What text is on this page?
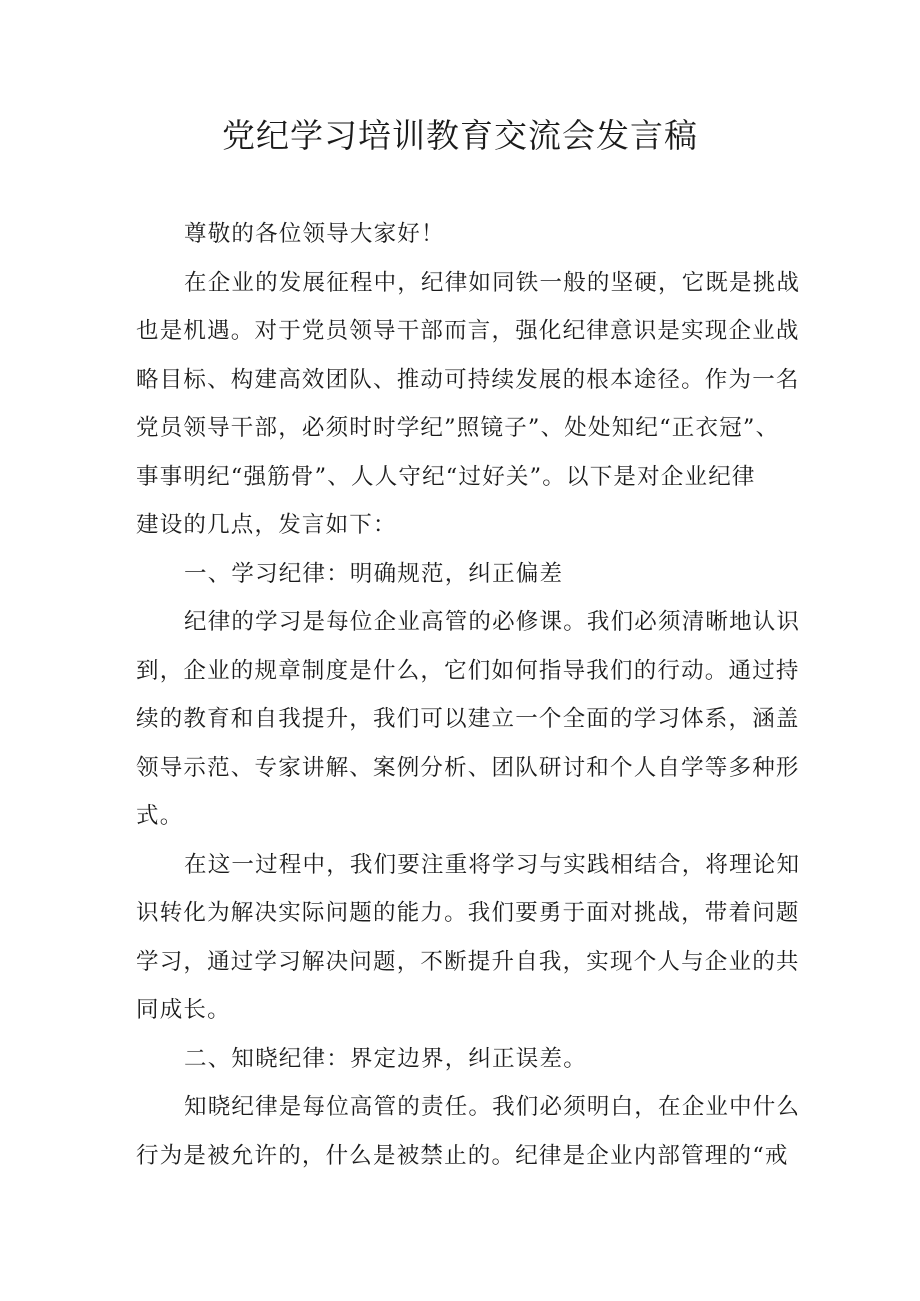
党纪学习培训教育交流会发言稿
尊敬的各位领导大家好！
在企业的发展征程中，纪律如同铁一般的坚硬，它既是挑战
也是机遇。对于党员领导干部而言，强化纪律意识是实现企业战
略目标、构建高效团队、推动可持续发展的根本途径。作为一名
党员领导干部，必须时时学纪”照镜子”、处处知纪“正衣冠”、
事事明纪“强筋骨”、人人守纪“过好关”。以下是对企业纪律
建设的几点，发言如下：
一、学习纪律：明确规范，纠正偏差
纪律的学习是每位企业高管的必修课。我们必须清晰地认识
到，企业的规章制度是什么，它们如何指导我们的行动。通过持
续的教育和自我提升，我们可以建立一个全面的学习体系，涵盖
领导示范、专家讲解、案例分析、团队研讨和个人自学等多种形
式。
在这一过程中，我们要注重将学习与实践相结合，将理论知
识转化为解决实际问题的能力。我们要勇于面对挑战，带着问题
学习，通过学习解决问题，不断提升自我，实现个人与企业的共
同成长。
二、知晓纪律：界定边界，纠正误差。
知晓纪律是每位高管的责任。我们必须明白，在企业中什么
行为是被允许的，什么是被禁止的。纪律是企业内部管理的“戒
